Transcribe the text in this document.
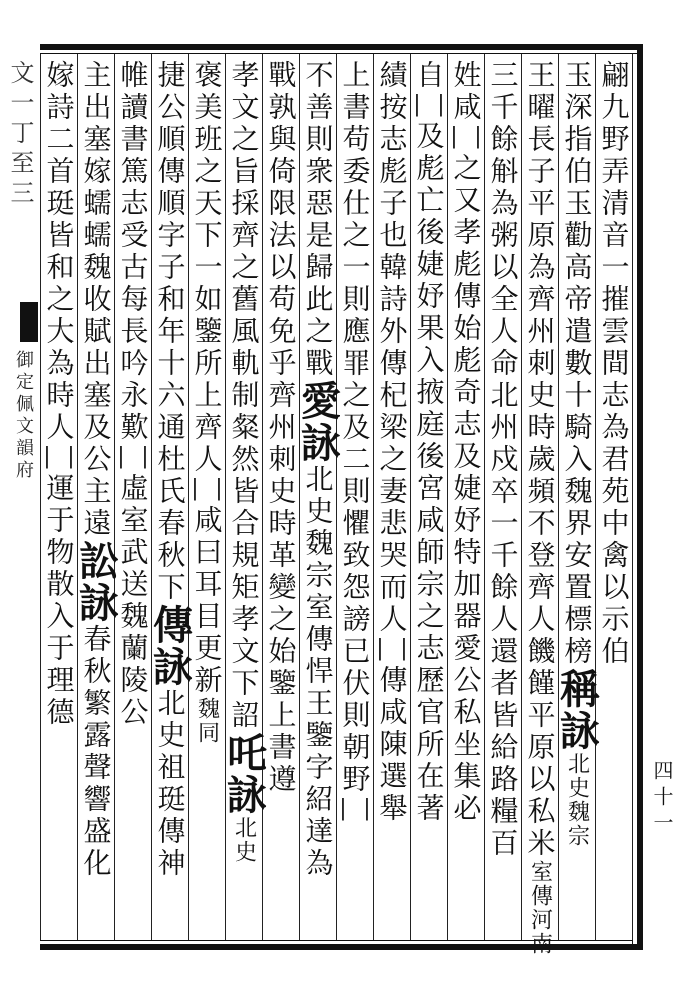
文一丁至三
御定佩文韻府	翩九野弄清音一摧雲間志為君苑中禽以示伯
玉深指伯玉勸高帝遣數十騎入魏界安置標榜
稱
詠
北史魏宗
王曜長子平原為齊州刺史時歲頻不登齊人饑饉平原以私米
室傳河南
三千餘斛為粥以全人命北州戍卒一千餘人還者皆給路糧百
姓咸
|
|
之又孝彪傳始彪奇志及婕妤特加器愛公私坐集必
自
|
|
及彪亡後婕妤果入掖庭後宮咸師宗之志歷官所在著
績按志彪子也韓詩外傳杞梁之妻悲哭而人
|
|
傳咸陳選舉
上書苟委仕之一則應罪之及二則懼致怨謗已伏則朝野
|
|
不善則衆惡是歸此之戰
愛
詠
北史魏宗室傳悍王鑒字紹達為
戰孰與倚限法以苟免乎
齊州刺史時革變之始鑒上書遵
孝文之旨採齊之舊風軌制粲然皆合規矩孝文下詔
吒
詠
北史
褒美班之天下一如鑒所上齊人
|
|
咸曰耳目更新
魏同
捷公順傳順字子和年十六通杜氏春秋下
傳
詠
北史祖珽傳神
帷讀書篤志受古每長吟永歎
|
|
虛室
武送魏蘭陵公
主出塞嫁蠕蠕魏收賦出塞及公主遠
訟
詠
春秋繁露聲響盛化
嫁詩二首珽皆和之大為時人
|
|
運于物散入于理德
四十一
